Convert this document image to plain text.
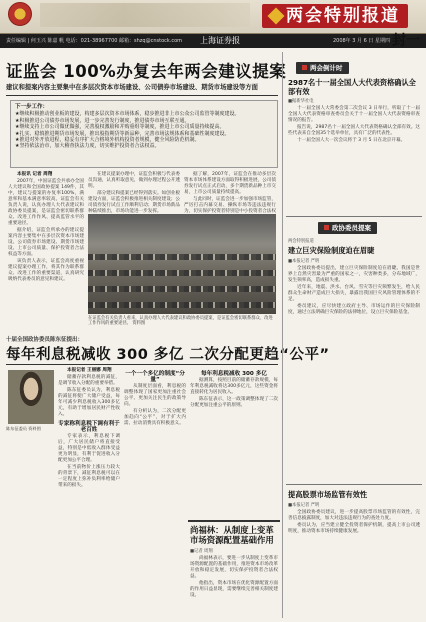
两会特别报道
责任编辑 | 何玉兴 陈嘉 帆 电话：021-38967700 邮箱：shzq@cnstock.com 上海证券报	2008年 3 月 6 日 星期四 封一
证监会 100%办复去年两会建议提案
建议和提案内容主要集中在多层次资本市场建设、公司债券市场建设、期货市场建设等方面
下一步工作：

★继续积极推动创业板的建设，构建多层次资本市场体系，稳步推进非上市公众公司监管等制度建设。

★积极推进公司债券市场发展，进一步完善发行制度，推进债券市场互联互通。

★继续支持上市公司做优做强，完善股权激励和并购重组等制度，推进上市公司质量持续提高。

★扎实、稳慎推进期货市场发展，推出股指期货等新品种，完善市场法规体系和基础性制度建设。

★推进对外开放进程，稳妥有序扩大合格境外机构投资者规模，健全风险防范机制。

★坚持依法治市，加大稽查执法力度，切实维护投资者合法权益。

本报讯 记者 周翔

2007年，中国证监会共承办全国人大建议和全国政协提案 149件，其中，建议与提案的办复率100%，满意率和基本满意率较高。证监会有关负责人说，认真办理人大代表建议和政协委员提案，是证监会密切联系群众、改进工作作风、提高监管水平的重要途径。

据介绍，证监会所承办的建议提案内容主要集中在多层次资本市场建设、公司债券市场建设、期货市场建设、上市公司质量、保护投资者合法权益等方面。

该负责人表示，证监会高度重视建议提案办理工作，将其作为联系群众、改进工作的重要渠道，认真研究吸纳代表委员的意见和建议。

在建议提案办理中，证监会积极与代表委员沟通，认真听取意见，做到办理过程公开透明。

部分建议和提案已经得到落实。如创业板建设方面，证监会积极推进相关制度建设；公司债券发行试点工作顺利启动；期货市场新品种陆续推出，市场功能进一步发挥。

据了解，2007年，证监会在推动多层次资本市场体系建设方面取得积极进展，公司债券发行试点正式启动，多个期货新品种上市交易，上市公司质量持续提高。

与此同时，证监会进一步加强市场监管，严厉打击内幕交易、操纵市场等违法违规行为，切实保护投资者特别是中小投资者合法权

在证监会有关负责人看来，认真办理人大代表建议和政协委员提案，是证监会密切联系群众、改进工作作风的重要途径。 资料图
十届全国政协委员陈东征提出：
每年利息税减收 300 多亿 二次分配更趋“公平”
陈东征委员 资料图

本报记者 王丽娜 周翔

储蓄存款利息税的减征，是调节收入分配的重要举措。

陈东征委员认为，利息税的减征将使广大储户受益，每年可减少利息税收入300多亿元，有助于增加居民财产性收入。

专家称利息税下调有利于老百姓

专家表示，利息税下调后，广大居民储户将直接受益，特别是中低收入群体受益更为明显，有利于促进收入分配更加公平合理。

在当前物价上涨压力较大的背景下，减征利息税可以在一定程度上弥补负利率给储户带来的损失。

一个一个多亿的制度“分量”

从制度层面看，利息税的调整体现了国家更加注重社会公平、更加关注民生的政策导向。

有分析认为，二次分配更加趋向“公平”，对于扩大内需、拉动消费具有积极意义。

每年利息税减收 300 多亿

据测算，按照目前的储蓄存款规模，每年利息税减收将达300多亿元，这些资金将直接转化为居民收入。

陈东征表示，这一政策调整体现了二次分配更加注重公平的原则。

尚福林：从制度上变革 市场资源配置基础作用
■记者 周翔

尚福林表示，要进一步从制度上变革市场资源配置的基础作用，推进资本市场改革开放和稳定发展，切实保护投资者合法权益。

他指出，资本市场在优化资源配置方面的作用日益显现，需要继续完善相关制度建设。

两会倒计时
2987名十一届全国人大代表资格确认全部有效
■据新华社电

十一届全国人大常委会第二次会议 3 日举行，听取了十一届全国人大代表资格审查委员会关于十一届全国人大代表资格审查情况的报告。

报告说，2987名十一届全国人大代表资格确认全部有效。这些代表来自全国35个选举单位，具有广泛的代表性。

十一届全国人大一次会议将于 3 月 5 日在北京开幕。

政协委员提案
两会特别报道
建立巨灾保险制度迫在眉睫
■本报记者 严明

全国政协委员提出，建立巨灾保险制度迫在眉睫。我国是世界上自然灾害最为严重的国家之一，灾害种类多，分布地域广，发生频率高，造成损失重。

近年来，地震、洪水、台风、雪灾等巨灾频繁发生，给人民群众生命财产造成巨大损失，暴露出我国巨灾风险管理体系的不足。

委员建议，应尽快建立政府主导、市场运作的巨灾保险制度，通过立法明确巨灾保险的法律地位，设立巨灾保险基金。

提高股票市场监管有效性
■本报记者 严明

全国政协委员建议，进一步提高股票市场监管的有效性，完善信息披露制度，加大对违法违规行为的查处力度。

委员认为，应当建立健全投资者保护机制，提高上市公司透明度，推动资本市场持续健康发展。
